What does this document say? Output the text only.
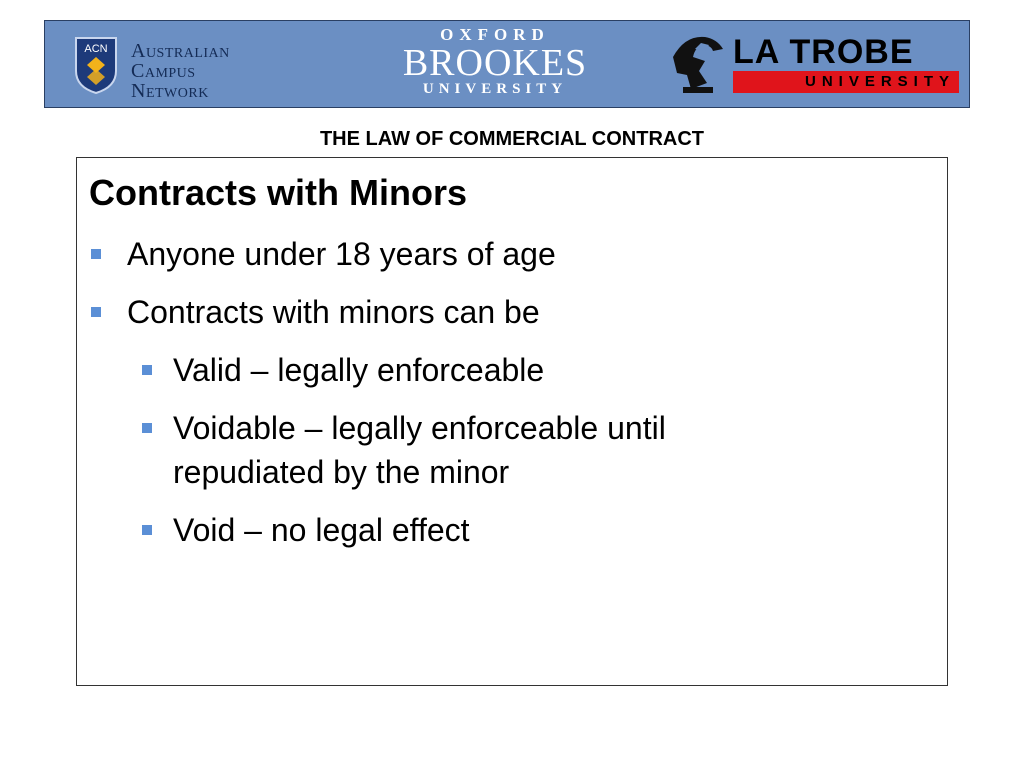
ACN Australian
Campus
Network
OXFORD
BROOKES
UNIVERSITY
LA TROBE
UNIVERSITY
THE LAW OF COMMERCIAL CONTRACT
Contracts with Minors
Anyone under 18 years of age
Contracts with minors can be
Valid – legally enforceable
Voidable – legally enforceable until repudiated by the minor
Void – no legal effect
